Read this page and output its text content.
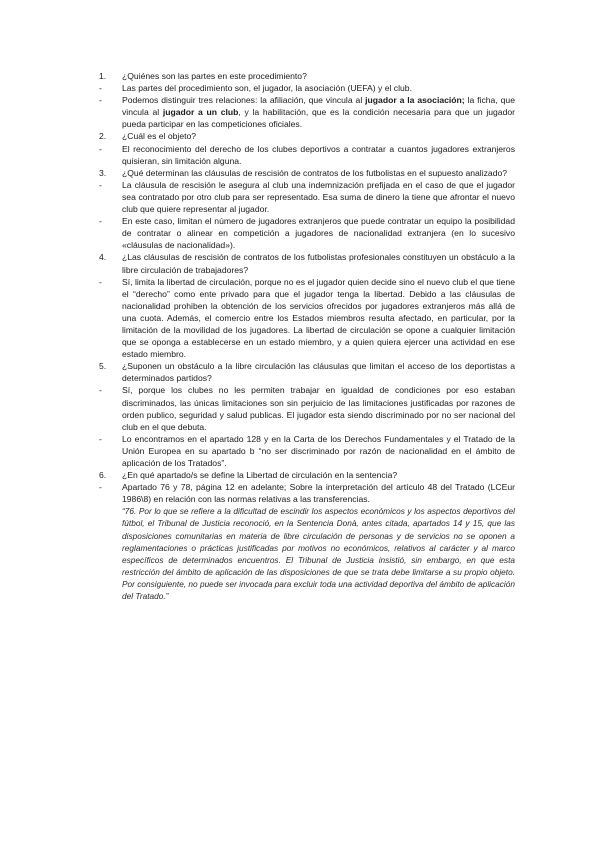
1.	¿Quiénes son las partes en este procedimiento?

-	Las partes del procedimiento son, el jugador, la asociación (UEFA) y el club.

-	Podemos distinguir tres relaciones: la afiliación, que vincula al jugador a la asociación; la ficha, que vincula al jugador a un club, y la habilitación, que es la condición necesaria para que un jugador pueda participar en las competiciones oficiales.

2.	¿Cuál es el objeto?

-	El reconocimiento del derecho de los clubes deportivos a contratar a cuantos jugadores extranjeros quisieran, sin limitación alguna.

3.	¿Qué determinan las cláusulas de rescisión de contratos de los futbolistas en el supuesto analizado?

-	La cláusula de rescisión le asegura al club una indemnización prefijada en el caso de que el jugador sea contratado por otro club para ser representado. Esa suma de dinero la tiene que afrontar el nuevo club que quiere representar al jugador.

-	En este caso, limitan el número de jugadores extranjeros que puede contratar un equipo la posibilidad de contratar o alinear en competición a jugadores de nacionalidad extranjera (en lo sucesivo «cláusulas de nacionalidad»).

4.	¿Las cláusulas de rescisión de contratos de los futbolistas profesionales constituyen un obstáculo a la libre circulación de trabajadores?

-	Sí, limita la libertad de circulación, porque no es el jugador quien decide sino el nuevo club el que tiene el “derecho” como ente privado para que el jugador tenga la libertad. Debido a las cláusulas de nacionalidad prohiben la obtención de los servicios ofrecidos por jugadores extranjeros más allá de una cuota. Además, el comercio entre los Estados miembros resulta afectado, en particular, por la limitación de la movilidad de los jugadores. La libertad de circulación se opone a cualquier limitación que se oponga a establecerse en un estado miembro, y a quien quiera ejercer una actividad en ese estado miembro.

5.	¿Suponen un obstáculo a la libre circulación las cláusulas que limitan el acceso de los deportistas a determinados partidos?

-	Sí, porque los clubes no les permiten trabajar en igualdad de condiciones por eso estaban discriminados, las únicas limitaciones son sin perjuicio de las limitaciones justificadas por razones de orden publico, seguridad y salud publicas. El jugador esta siendo discriminado por no ser nacional del club en el que debuta.

-	Lo encontramos en el apartado 128 y en la Carta de los Derechos Fundamentales y el Tratado de la Unión Europea en su apartado b “no ser discriminado por razón de nacionalidad en el ámbito de aplicación de los Tratados”.

6.	¿En qué apartado/s se define la Libertad de circulación en la sentencia?

-	Apartado 76 y 78, página 12 en adelante; Sobre la interpretación del artículo 48 del Tratado (LCEur 1986\8) en relación con las normas relativas a las transferencias.

“76. Por lo que se refiere a la dificultad de escindir los aspectos económicos y los aspectos deportivos del fútbol, el Tribunal de Justicia reconoció, en la Sentencia Donà, antes citada, apartados 14 y 15, que las disposiciones comunitarias en materia de libre circulación de personas y de servicios no se oponen a reglamentaciones o prácticas justificadas por motivos no económicos, relativos al carácter y al marco específicos de determinados encuentros. El Tribunal de Justicia insistió, sin embargo, en que esta restricción del ámbito de aplicación de las disposiciones de que se trata debe limitarse a su propio objeto. Por consiguiente, no puede ser invocada para excluir toda una actividad deportiva del ámbito de aplicación del Tratado.”
